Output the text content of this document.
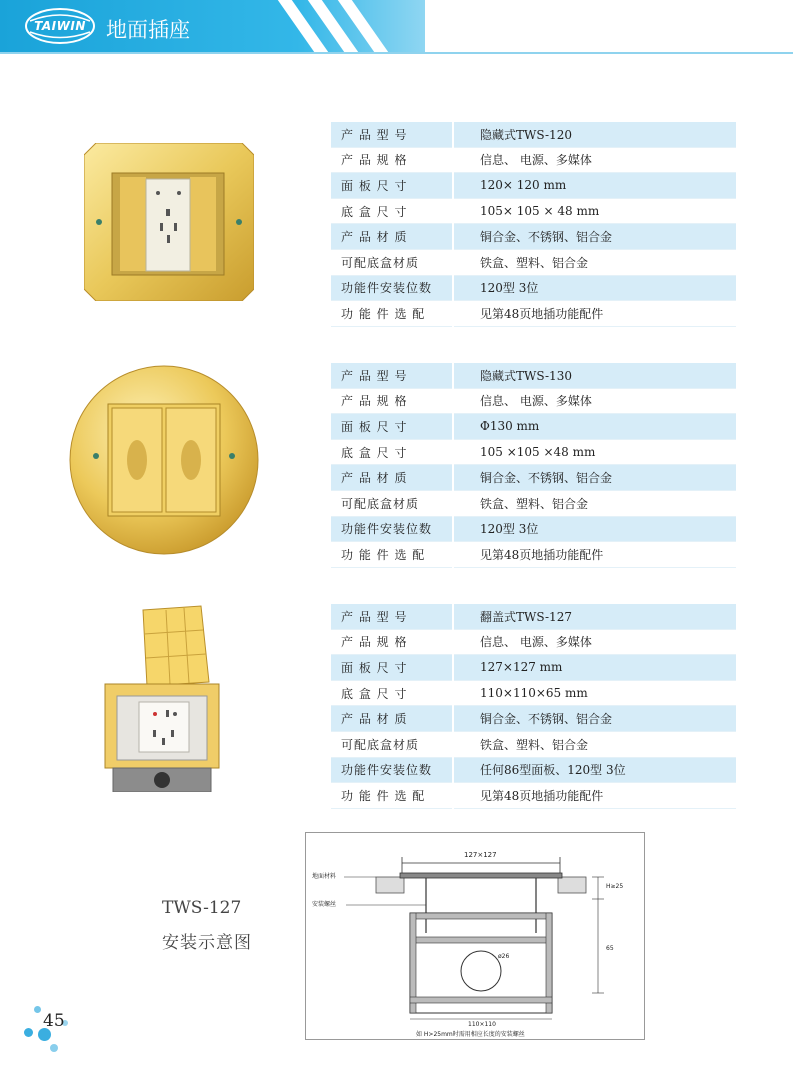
TAIWIN 地面插座
产 品 型 号	隐藏式TWS-120
产 品 规 格	信息、 电源、多媒体
面 板 尺 寸	120× 120 mm
底 盒 尺 寸	105× 105 × 48 mm
产 品 材 质	铜合金、不锈钢、铝合金
可配底盒材质	铁盒、塑料、铝合金
功能件安装位数	120型 3位
功 能 件 选 配	见第48页地插功能配件
产 品 型 号	隐藏式TWS-130
产 品 规 格	信息、 电源、多媒体
面 板 尺 寸	Φ130 mm
底 盒 尺 寸	105 ×105 ×48 mm
产 品 材 质	铜合金、不锈钢、铝合金
可配底盒材质	铁盒、塑料、铝合金
功能件安装位数	120型 3位
功 能 件 选 配	见第48页地插功能配件
产 品 型 号	翻盖式TWS-127
产 品 规 格	信息、 电源、多媒体
面 板 尺 寸	127×127 mm
底 盒 尺 寸	110×110×65 mm
产 品 材 质	铜合金、不锈钢、铝合金
可配底盒材质	铁盒、塑料、铝合金
功能件安装位数	任何86型面板、120型 3位
功 能 件 选 配	见第48页地插功能配件
TWS-127
安装示意图
127×127
地面材料
安装螺丝
ø26
H≥25
65
110×110
如 H>25mm时需用相应长度的安装螺丝
45
